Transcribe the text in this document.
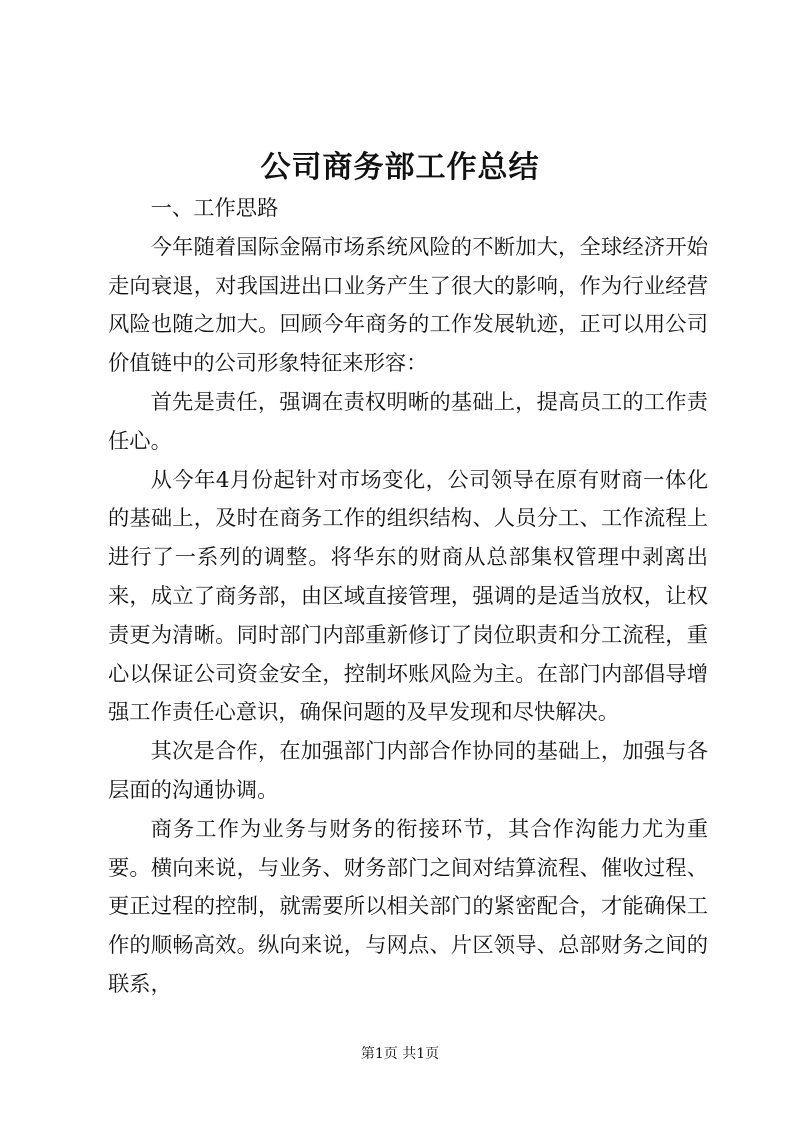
公司商务部工作总结

一、工作思路

今年随着国际金隔市场系统风险的不断加大，全球经济开始走向衰退，对我国进出口业务产生了很大的影响，作为行业经营风险也随之加大。回顾今年商务的工作发展轨迹，正可以用公司价值链中的公司形象特征来形容：

首先是责任，强调在责权明晰的基础上，提高员工的工作责任心。

从今年4月份起针对市场变化，公司领导在原有财商一体化的基础上，及时在商务工作的组织结构、人员分工、工作流程上进行了一系列的调整。将华东的财商从总部集权管理中剥离出来，成立了商务部，由区域直接管理，强调的是适当放权，让权责更为清晰。同时部门内部重新修订了岗位职责和分工流程，重心以保证公司资金安全，控制坏账风险为主。在部门内部倡导增强工作责任心意识，确保问题的及早发现和尽快解决。

其次是合作，在加强部门内部合作协同的基础上，加强与各层面的沟通协调。

商务工作为业务与财务的衔接环节，其合作沟能力尤为重要。横向来说，与业务、财务部门之间对结算流程、催收过程、更正过程的控制，就需要所以相关部门的紧密配合，才能确保工作的顺畅高效。纵向来说，与网点、片区领导、总部财务之间的联系，

第1页 共1页
